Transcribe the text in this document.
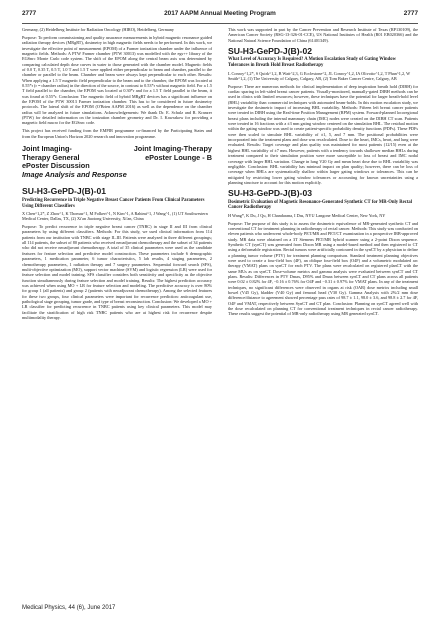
2777	2017 AAPM Annual Meeting Program	2777

Germany, (2) Heidelberg Institute for Radiation Oncology (HIRO), Heidelberg, Germany

Purpose: To perform commissioning and quality assurance measurements in hybrid magnetic resonance guided radiation therapy devices (MRgRT), dosimetry in high magnetic fields needs to be performed. In this work, we investigate the effective point of measurement (EPOM) of a Farmer ionization chamber under the influence of magnetic fields. Methods: A PTW Farmer chamber (PTW 30013) was modelled with the egs++ library of the EGSnrc Monte Carlo code system. The shift of the EPOM along the central beam axis was determined by comparing calculated depth dose curves in water to those generated with the chamber model. Magnetic fields of 0.0 T, 0.35 T, 0.5 T, 1.0 T and 1.5 T were applied either perpendicular to beam and chamber, parallel to the chamber or parallel to the beam. Chamber and beam were always kept perpendicular to each other. Results: When applying a 1.5 T magnetic field perpendicular to the beam and to the chamber, the EPOM was located at 0.55*r (r = chamber radius) in the direction of the source, in contrast to 0.53*r without magnetic field. For a 1.5 T field parallel to the chamber, the EPOM was located at 0.30*r and for a 1.5 T field parallel to the beam, it was found at 0.55*r. Conclusion: The magnetic field of hybrid MRgRT devices has a significant influence on the EPOM of the PTW 30013 Farmer ionization chamber. This has to be considered in future dosimetry protocols. The lateral shift of the EPOM (O'Brien AAPM 2016) as well as the dependence on the chamber radius will be analyzed in future simulations. Acknowledgements: We thank Dr. E. Schulz and R. Kranzer (PTW) for detailed information on the ionization chamber geometry and Dr. I. Kawrakow for providing a magnetic field macro for the EGSnrc code.

This project has received funding from the EMPIR programme co-financed by the Participating States and from the European Union's Horizon 2020 research and innovation programme.

Joint Imaging-
Therapy General
ePoster Discussion
Image Analysis and Response
Joint Imaging-Therapy
ePoster Lounge - B
SU-H3-GePD-J(B)-01
Predicting Recurrence in Triple Negative Breast Cancer Patients From Clinical Parameters Using Different Classifiers
X Chen^1,2*, Z Zhou^1, K Thomas^1, M Folkert^1, N Kim^1, A Rahimi^1, J Wang^1, (1) UT Southwestern Medical Center, Dallas, TX, (2) Xi'an Jiaotong University, Xi'an, China

Purpose: To predict recurrence in triple negative breast cancer (TNBC) in stage II and III from clinical parameters by using different classifiers. Methods: For this study, we used clinical information from 114 patients from our institution with TNBC with stage II–III. Patients were analyzed in three different groupings; all 114 patients, the subset of 80 patients who received neoadjuvant chemotherapy and the subset of 34 patients who did not receive neoadjuvant chemotherapy. A total of 35 clinical parameters were used as the candidate features for feature selection and predictive model construction. These parameters include 6 demographic parameters, 1 medication parameter, 6 tumor characteristics, 5 lab results, 4 staging parameters, 2 chemotherapy parameters, 1 radiation therapy and 7 surgery parameters. Sequential forward search (SFS), multi-objective optimization (MO), support vector machine (SVM) and logistic regression (LR) were used for feature selection and model training. SFS classifier considers both sensitivity and specificity as the objective function simultaneously during feature selection and model training. Results: The highest prediction accuracy was achieved when using MO + LR for feature selection and modeling. The predictive accuracy is over 80% for group 1 (all patients) and group 2 (patients with neoadjuvant chemotherapy). Among the selected features for these two groups, four clinical parameters were important for recurrence prediction: anticoagulant use, pathological stage grouping, tumor grade, and type of breast reconstruction. Conclusion: We developed a MO + LR classifier for predicting recurrence in TNBC patients using key clinical parameters. This model may facilitate the stratification of high risk TNBC patients who are at highest risk for recurrence despite multimodality therapy.

This work was supported in part by the Cancer Prevention and Research Institute of Texas (RP130109), the American Cancer Society (RSG-13-326-01-CCE), US National Institutes of Health (R01 EB020366) and the National Natural Science Foundation of China (61401349).

SU-H3-GePD-J(B)-02
What Level of Accuracy Is Required? A Motion Escalation Study of Gating Window Tolerances in Breath Hold Breast Radiotherapy
L Conroy^1,2*, S Quirk^1,2, B Watt^2,3, G Ecclestone^2, JL Conroy^1,2, IA Olivotto^1,2, T Phan^1,2, W Smith^1,2, (1) The University of Calgary, Calgary, AB, (2) Tom Baker Cancer Centre, Calgary, AB

Purpose: There are numerous methods for clinical implementation of deep inspiration breath hold (DIBH) for cardiac sparing in left-sided breast cancer patients. Visually-monitored, manually-gated DIBH methods can be used in clinics with limited resources; however, these techniques have the potential for larger breath-hold level (BHL) variability than commercial techniques with automated beam-holds. In this motion escalation study, we investigate the dosimetric impact of increasing BHL variability. Methods: Fifteen left breast cancer patients were treated in DIBH using the Real-time Position Management (RPM) system. Forward-planned locoregional breast plans including the internal mammary chain (IMC) nodes were created on the DIBH CT scan. Patients were treated in 16 fractions with a ±3 mm gating window centered on the simulation BHL. The residual motion within the gating window was used to create patient-specific probability density functions (PDFs). These PDFs were then scaled to simulate BHL variability of ±1, 5, and 7 mm. The positional probabilities were incorporated into the treatment plans and dose was recalculated. Dose to the heart, IMCs, heart, and lung were evaluated. Results: Target coverage and plan quality was maintained for most patients (12/15) even at the highest BHL variability of ±7 mm. However, patients with a tendency towards shallower median BHLs during treatment compared to their simulation position were more susceptible to loss of breast and IMC nodal coverage with larger BHL variation. Change in lung V20 Gy and mean heart dose due to BHL variability was negligible. Conclusion: BHL variability has minimal impact on plan quality; however, there can be loss of coverage when BHLs are systematically shallow within larger gating windows or tolerances. This can be mitigated by restricting lower gating window tolerances or accounting for known uncertainties using a planning structure to account for this motion explicitly.

SU-H3-GePD-J(B)-03
Dosimetric Evaluation of Magnetic Resonance-Generated Synthetic CT for MR-Only Rectal Cancer Radiotherapy
H Wang*, K Du, J Qu, H Chandarana, I Das, NYU Langone Medical Center, New York, NY

Purpose: The purpose of this study is to assess the dosimetric equivalence of MR-generated synthetic CT and conventional CT for treatment planning in radiotherapy of rectal cancer. Methods: This study was conducted on eleven patients who underwent whole-body PET/MR and PET/CT examination in a prospective IRB-approved study. MR data were obtained on a 3T Siemens PET/MR hybrid scanner using a 2-point Dixon sequence. Synthetic CT (synCT) was generated from Dixon MR using a model-based method and then registered to CT using a deformable registration. Rectal tumors were artificially contoured in the synCT by a physician to define a planning tumor volume (PTV) for treatment planning comparison. Standard treatment planning objectives were used to create a four-field box (4F), an oblique four-field box (O4F) and a volumetric modulated arc therapy (VMAT) plans on synCT for each PTV. The plans were recalculated on registered planCT with the same MUs as on synCT. Dose-volume metrics and gamma analysis were evaluated between synCT and CT plans. Results: Differences in PTV Dmax, D95% and Dmax between synCT and CT plans across all patients were 0.02 ± 0.82% for 4F, −0.16 ± 0.76% for O4F and −0.31 ± 0.97% for VMAT plans. In any of the treatment techniques, no significant differences were observed in organs at risk (OAR) dose metrics including small bowel (V45 Gy), bladder (V40 Gy) and femoral head (V30 Gy). Gamma Analysis with 2%/2 mm dose difference/distance to agreement showed percentage pass rates of 98.7 ± 1.1, 98.0 ± 3.6, and 98.8 ± 2.7 for 4F, O4F and VMAT, respectively between SynCT and CT plan. Conclusion: Planning on synCT agreed well with the dose recalculated on planning CT for conventional treatment techniques in rectal cancer radiotherapy. These results suggest the potential of MR-only radiotherapy using MR generated synCT.

Medical Physics, 44 (6), June 2017
